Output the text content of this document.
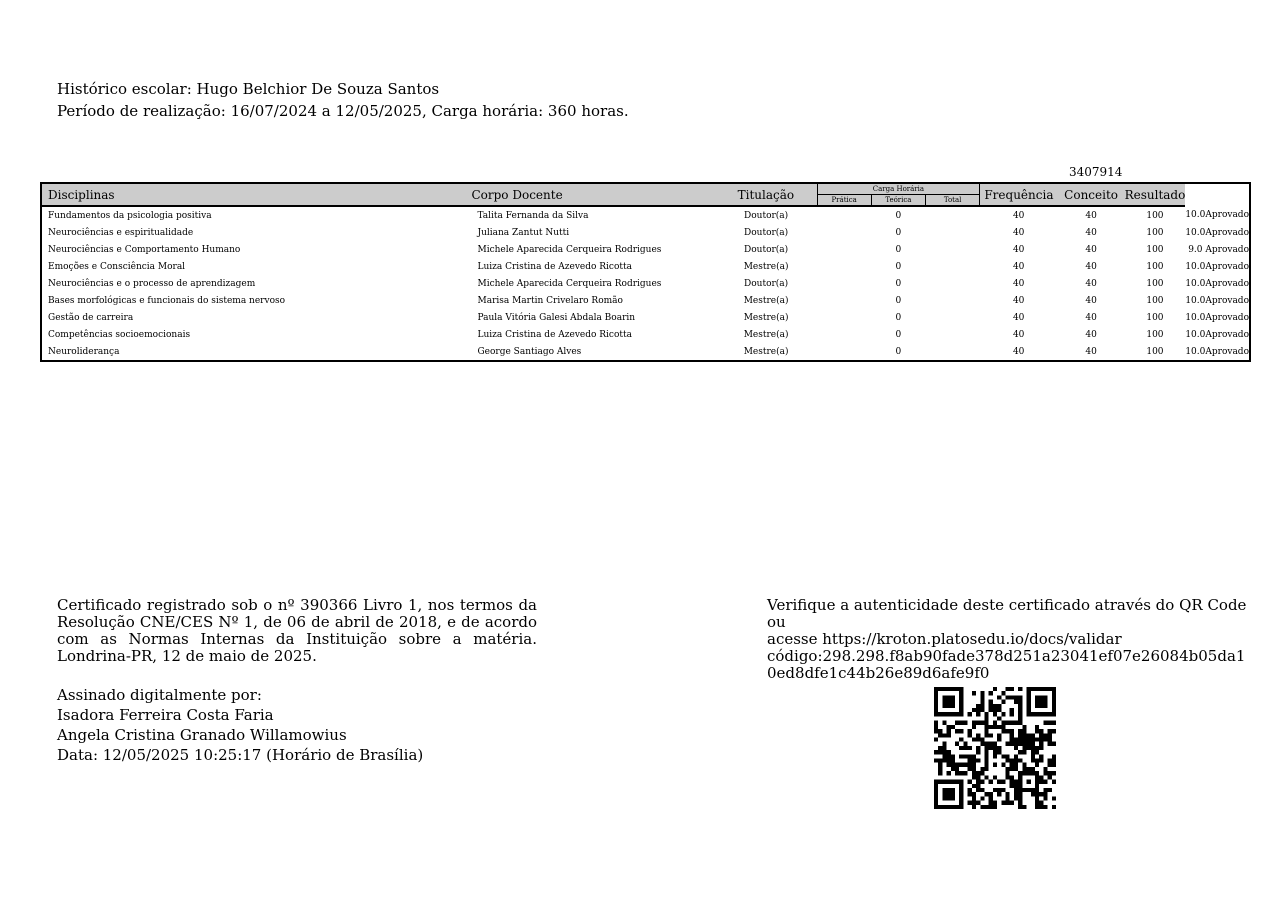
Histórico escolar: Hugo Belchior De Souza Santos
Período de realização: 16/07/2024 a 12/05/2025, Carga horária: 360 horas.
3407914
Disciplinas	Corpo Docente	Titulação	Carga Horária
Prática Teórica Total	Frequência	Conceito	Resultado		
Fundamentos da psicologia positiva	Talita Fernanda da Silva	Doutor(a)	0	40	40	100	10.0	Aprovado
Neurociências e espiritualidade	Juliana Zantut Nutti	Doutor(a)	0	40	40	100	10.0	Aprovado
Neurociências e Comportamento Humano	Michele Aparecida Cerqueira Rodrigues	Doutor(a)	0	40	40	100	9.0	Aprovado
Emoções e Consciência Moral	Luiza Cristina de Azevedo Ricotta	Mestre(a)	0	40	40	100	10.0	Aprovado
Neurociências e o processo de aprendizagem	Michele Aparecida Cerqueira Rodrigues	Doutor(a)	0	40	40	100	10.0	Aprovado
Bases morfológicas e funcionais do sistema nervoso	Marisa Martin Crivelaro Romão	Mestre(a)	0	40	40	100	10.0	Aprovado
Gestão de carreira	Paula Vitória Galesi Abdala Boarin	Mestre(a)	0	40	40	100	10.0	Aprovado
Competências socioemocionais	Luiza Cristina de Azevedo Ricotta	Mestre(a)	0	40	40	100	10.0	Aprovado
Neuroliderança	George Santiago Alves	Mestre(a)	0	40	40	100	10.0	Aprovado
Certificado registrado sob o nº 390366 Livro 1, nos termos da Resolução CNE/CES Nº 1, de 06 de abril de 2018, e de acordo com as Normas Internas da Instituição sobre a matéria. Londrina-PR, 12 de maio de 2025.
Assinado digitalmente por:
Isadora Ferreira Costa Faria
Angela Cristina Granado Willamowius
Data: 12/05/2025 10:25:17 (Horário de Brasília)
Verifique a autenticidade deste certificado através do QR Code ou
acesse https://kroton.platosedu.io/docs/validar
código:298.298.f8ab90fade378d251a23041ef07e26084b05da10ed8dfe1c44b26e89d6afe9f0
